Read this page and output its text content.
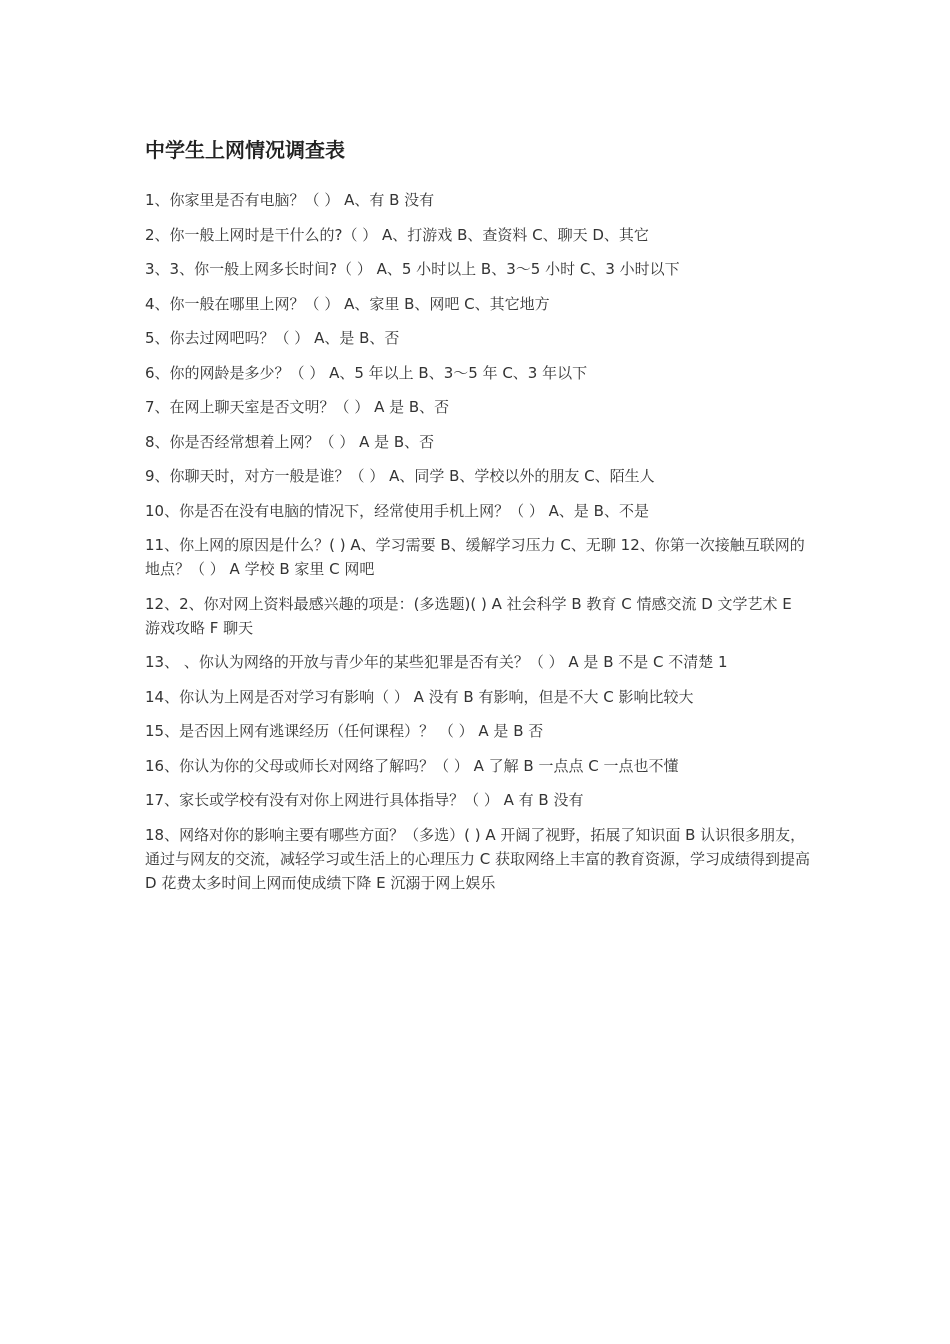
中学生上网情况调查表
1、你家里是否有电脑？（ ） A、有 B 没有
2、你一般上网时是干什么的?（ ） A、打游戏 B、查资料 C、聊天 D、其它
3、3、你一般上网多长时间?（ ） A、5 小时以上 B、3～5 小时 C、3 小时以下
4、你一般在哪里上网？（ ） A、家里 B、网吧 C、其它地方
5、你去过网吧吗？（ ） A、是 B、否
6、你的网龄是多少？（ ） A、5 年以上 B、3～5 年 C、3 年以下
7、在网上聊天室是否文明？（ ） A 是 B、否
8、你是否经常想着上网？（ ） A 是 B、否
9、你聊天时，对方一般是谁？（ ） A、同学 B、学校以外的朋友 C、陌生人
10、你是否在没有电脑的情况下，经常使用手机上网？（ ） A、是 B、不是
11、你上网的原因是什么？( ) A、学习需要 B、缓解学习压力 C、无聊 12、你第一次接触互联网的地点？（ ） A 学校 B 家里 C 网吧
12、2、你对网上资料最感兴趣的项是：(多选题)( ) A 社会科学 B 教育 C 情感交流 D 文学艺术 E 游戏攻略 F 聊天
13、 、你认为网络的开放与青少年的某些犯罪是否有关？（ ） A 是 B 不是 C 不清楚 1
14、你认为上网是否对学习有影响（ ） A 没有 B 有影响，但是不大 C 影响比较大
15、是否因上网有逃课经历（任何课程）？ （ ） A 是 B 否
16、你认为你的父母或师长对网络了解吗？（ ） A 了解 B 一点点 C 一点也不懂
17、家长或学校有没有对你上网进行具体指导？（ ） A 有 B 没有
18、网络对你的影响主要有哪些方面？（多选）( ) A 开阔了视野，拓展了知识面 B 认识很多朋友，通过与网友的交流，减轻学习或生活上的心理压力 C 获取网络上丰富的教育资源，学习成绩得到提高 D 花费太多时间上网而使成绩下降 E 沉溺于网上娱乐
